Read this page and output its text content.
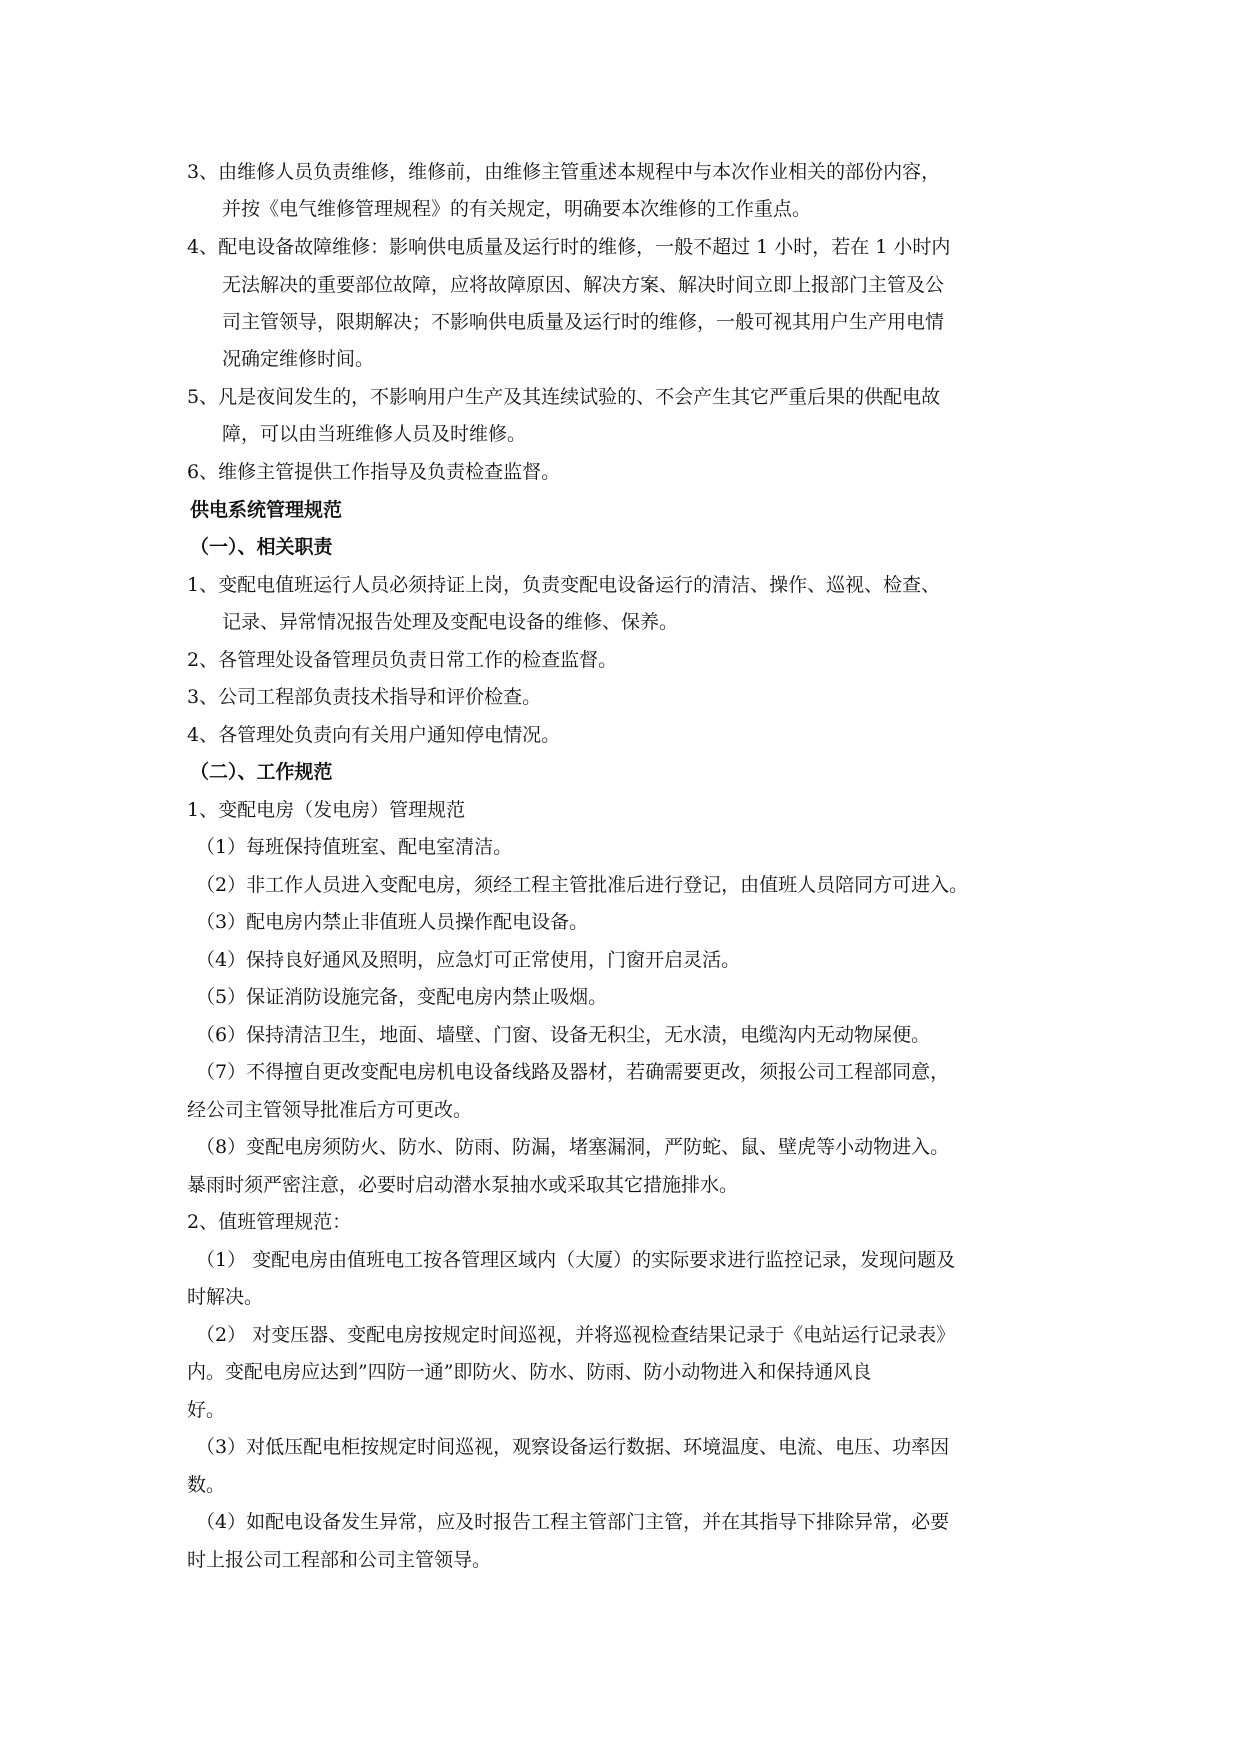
3、由维修人员负责维修，维修前，由维修主管重述本规程中与本次作业相关的部份内容，
并按《电气维修管理规程》的有关规定，明确要本次维修的工作重点。
4、配电设备故障维修：影响供电质量及运行时的维修，一般不超过 1 小时，若在 1 小时内
无法解决的重要部位故障，应将故障原因、解决方案、解决时间立即上报部门主管及公
司主管领导，限期解决；不影响供电质量及运行时的维修，一般可视其用户生产用电情
况确定维修时间。
5、凡是夜间发生的，不影响用户生产及其连续试验的、不会产生其它严重后果的供配电故
障，可以由当班维修人员及时维修。
6、维修主管提供工作指导及负责检查监督。
供电系统管理规范
（一）、相关职责
1、变配电值班运行人员必须持证上岗，负责变配电设备运行的清洁、操作、巡视、检查、
记录、异常情况报告处理及变配电设备的维修、保养。
2、各管理处设备管理员负责日常工作的检查监督。
3、公司工程部负责技术指导和评价检查。
4、各管理处负责向有关用户通知停电情况。
（二）、工作规范
1、变配电房（发电房）管理规范
（1）每班保持值班室、配电室清洁。
（2）非工作人员进入变配电房，须经工程主管批准后进行登记，由值班人员陪同方可进入。
（3）配电房内禁止非值班人员操作配电设备。
（4）保持良好通风及照明，应急灯可正常使用，门窗开启灵活。
（5）保证消防设施完备，变配电房内禁止吸烟。
（6）保持清洁卫生，地面、墙壁、门窗、设备无积尘，无水渍，电缆沟内无动物屎便。
（7）不得擅自更改变配电房机电设备线路及器材，若确需要更改，须报公司工程部同意，
经公司主管领导批准后方可更改。
（8）变配电房须防火、防水、防雨、防漏，堵塞漏洞，严防蛇、鼠、壁虎等小动物进入。
暴雨时须严密注意，必要时启动潜水泵抽水或采取其它措施排水。
2、值班管理规范：
（1） 变配电房由值班电工按各管理区域内（大厦）的实际要求进行监控记录，发现问题及
时解决。
（2） 对变压器、变配电房按规定时间巡视，并将巡视检查结果记录于《电站运行记录表》
内。变配电房应达到”四防一通”即防火、防水、防雨、防小动物进入和保持通风良
好。
（3）对低压配电柜按规定时间巡视，观察设备运行数据、环境温度、电流、电压、功率因
数。
（4）如配电设备发生异常，应及时报告工程主管部门主管，并在其指导下排除异常，必要
时上报公司工程部和公司主管领导。
